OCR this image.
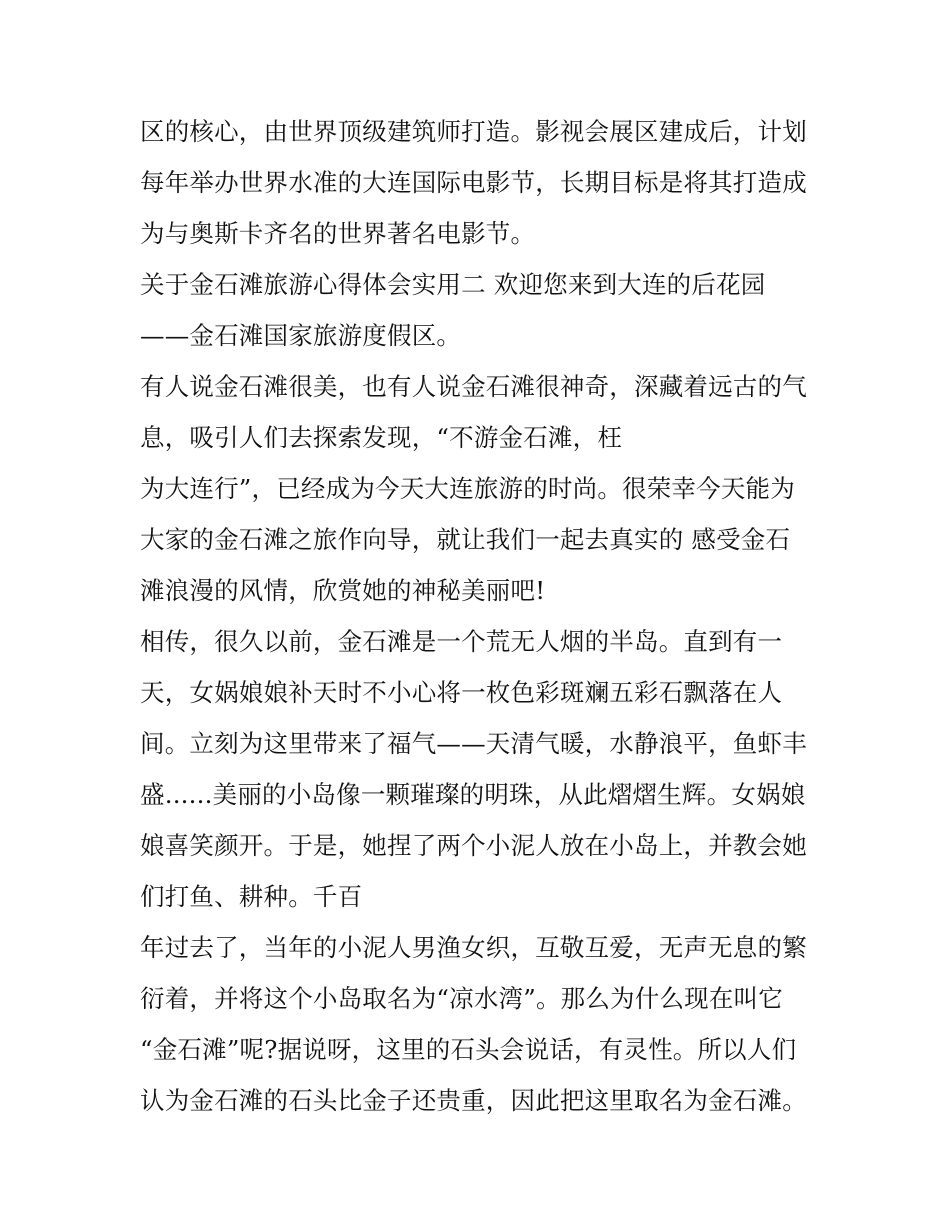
区的核心，由世界顶级建筑师打造。影视会展区建成后，计划
每年举办世界水准的大连国际电影节，长期目标是将其打造成
为与奥斯卡齐名的世界著名电影节。
关于金石滩旅游心得体会实用二 欢迎您来到大连的后花园
——金石滩国家旅游度假区。
有人说金石滩很美，也有人说金石滩很神奇，深藏着远古的气
息，吸引人们去探索发现，“不游金石滩，枉
为大连行”，已经成为今天大连旅游的时尚。很荣幸今天能为
大家的金石滩之旅作向导，就让我们一起去真实的 感受金石
滩浪漫的风情，欣赏她的神秘美丽吧!
相传，很久以前，金石滩是一个荒无人烟的半岛。直到有一
天，女娲娘娘补天时不小心将一枚色彩斑斓五彩石飘落在人
间。立刻为这里带来了福气——天清气暖，水静浪平，鱼虾丰
盛......美丽的小岛像一颗璀璨的明珠，从此熠熠生辉。女娲娘
娘喜笑颜开。于是，她捏了两个小泥人放在小岛上，并教会她
们打鱼、耕种。千百
年过去了，当年的小泥人男渔女织，互敬互爱，无声无息的繁
衍着，并将这个小岛取名为“凉水湾”。那么为什么现在叫它
“金石滩”呢?据说呀，这里的石头会说话，有灵性。所以人们
认为金石滩的石头比金子还贵重，因此把这里取名为金石滩。
